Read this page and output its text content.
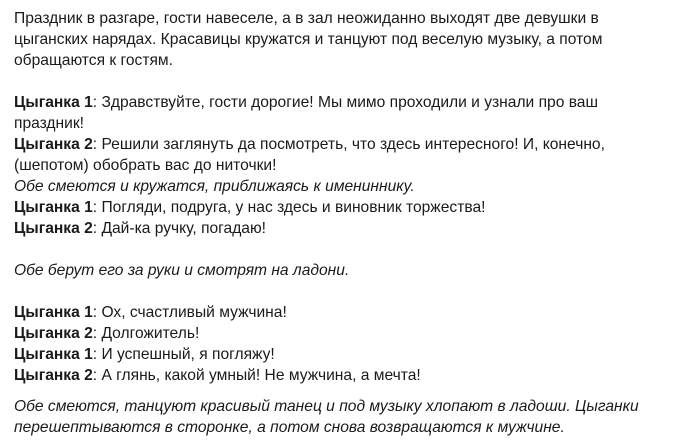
Праздник в разгаре, гости навеселе, а в зал неожиданно выходят две девушки в
цыганских нарядах. Красавицы кружатся и танцуют под веселую музыку, а потом
обращаются к гостям.
Цыганка 1: Здравствуйте, гости дорогие! Мы мимо проходили и узнали про ваш
праздник!
Цыганка 2: Решили заглянуть да посмотреть, что здесь интересного! И, конечно,
(шепотом) обобрать вас до ниточки!
Обе смеются и кружатся, приближаясь к имениннику.
Цыганка 1: Погляди, подруга, у нас здесь и виновник торжества!
Цыганка 2: Дай-ка ручку, погадаю!
Обе берут его за руки и смотрят на ладони.
Цыганка 1: Ох, счастливый мужчина!
Цыганка 2: Долгожитель!
Цыганка 1: И успешный, я погляжу!
Цыганка 2: А глянь, какой умный! Не мужчина, а мечта!
Обе смеются, танцуют красивый танец и под музыку хлопают в ладоши. Цыганки
перешептываются в сторонке, а потом снова возвращаются к мужчине.
